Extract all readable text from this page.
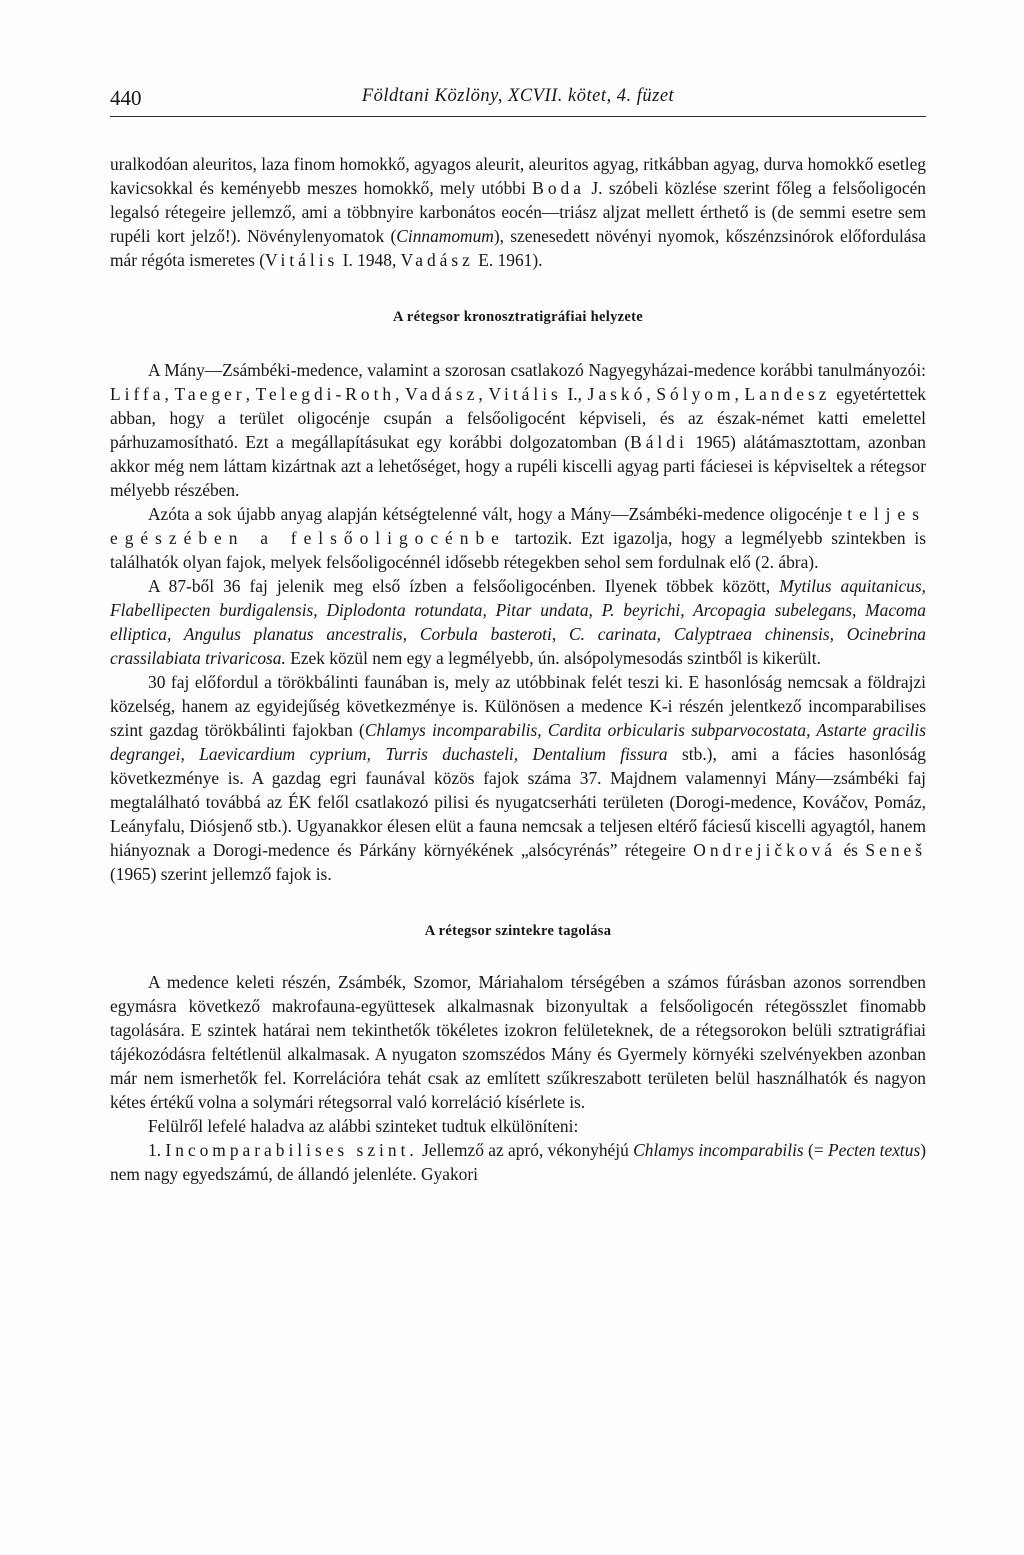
440	Földtani Közlöny, XCVII. kötet, 4. füzet

uralkodóan aleuritos, laza finom homokkő, agyagos aleurit, aleuritos agyag, ritkábban agyag, durva homokkő esetleg kavicsokkal és keményebb meszes homokkő, mely utóbbi Boda J. szóbeli közlése szerint főleg a felsőoligocén legalsó rétegeire jellemző, ami a többnyire karbonátos eocén—triász aljzat mellett érthető is (de semmi esetre sem rupéli kort jelző!). Növénylenyomatok (Cinnamomum), szenesedett növényi nyomok, kőszénzsinórok előfordulása már régóta ismeretes (Vitális I. 1948, Vadász E. 1961).

A rétegsor kronosztratigráfiai helyzete

A Mány—Zsámbéki-medence, valamint a szorosan csatlakozó Nagyegyházai-medence korábbi tanulmányozói: Liffa, Taeger, Telegdi-Roth, Vadász, Vitális I., Jaskó, Sólyom, Landesz egyetértettek abban, hogy a terület oligocénje csupán a felsőoligocént képviseli, és az észak-német katti emelettel párhuzamosítható. Ezt a megállapításukat egy korábbi dolgozatomban (Báldi 1965) alátámasztottam, azonban akkor még nem láttam kizártnak azt a lehetőséget, hogy a rupéli kiscelli agyag parti fáciesei is képviseltek a rétegsor mélyebb részében.

Azóta a sok újabb anyag alapján kétségtelenné vált, hogy a Mány—Zsámbéki-medence oligocénje teljes egészében a felsőoligocénbe tartozik. Ezt igazolja, hogy a legmélyebb szintekben is találhatók olyan fajok, melyek felsőoligocénnél idősebb rétegekben sehol sem fordulnak elő (2. ábra).

A 87-ből 36 faj jelenik meg első ízben a felsőoligocénben. Ilyenek többek között, Mytilus aquitanicus, Flabellipecten burdigalensis, Diplodonta rotundata, Pitar undata, P. beyrichi, Arcopagia subelegans, Macoma elliptica, Angulus planatus ancestralis, Corbula basteroti, C. carinata, Calyptraea chinensis, Ocinebrina crassilabiata trivaricosa. Ezek közül nem egy a legmélyebb, ún. alsópolymesodás szintből is kikerült.

30 faj előfordul a törökbálinti faunában is, mely az utóbbinak felét teszi ki. E hasonlóság nemcsak a földrajzi közelség, hanem az egyidejűség következménye is. Különösen a medence K-i részén jelentkező incomparabilises szint gazdag törökbálinti fajokban (Chlamys incomparabilis, Cardita orbicularis subparvocostata, Astarte gracilis degrangei, Laevicardium cyprium, Turris duchasteli, Dentalium fissura stb.), ami a fácies hasonlóság következménye is. A gazdag egri faunával közös fajok száma 37. Majdnem valamennyi Mány—zsámbéki faj megtalálható továbbá az ÉK felől csatlakozó pilisi és nyugatcserháti területen (Dorogi-medence, Kováčov, Pomáz, Leányfalu, Diósjenő stb.). Ugyanakkor élesen elüt a fauna nemcsak a teljesen eltérő fáciesű kiscelli agyagtól, hanem hiányoznak a Dorogi-medence és Párkány környékének „alsócyrénás” rétegeire Ondrejičková és Seneš (1965) szerint jellemző fajok is.

A rétegsor szintekre tagolása

A medence keleti részén, Zsámbék, Szomor, Máriahalom térségében a számos fúrásban azonos sorrendben egymásra következő makrofauna-együttesek alkalmasnak bizonyultak a felsőoligocén rétegösszlet finomabb tagolására. E szintek határai nem tekinthetők tökéletes izokron felületeknek, de a rétegsorokon belüli sztratigráfiai tájékozódásra feltétlenül alkalmasak. A nyugaton szomszédos Mány és Gyermely környéki szelvényekben azonban már nem ismerhetők fel. Korrelációra tehát csak az említett szűkreszabott területen belül használhatók és nagyon kétes értékű volna a solymári rétegsorral való korreláció kísérlete is.

Felülről lefelé haladva az alábbi szinteket tudtuk elkülöníteni:

1. Incomparabilises szint. Jellemző az apró, vékonyhéjú Chlamys incomparabilis (= Pecten textus) nem nagy egyedszámú, de állandó jelenléte. Gyakori
